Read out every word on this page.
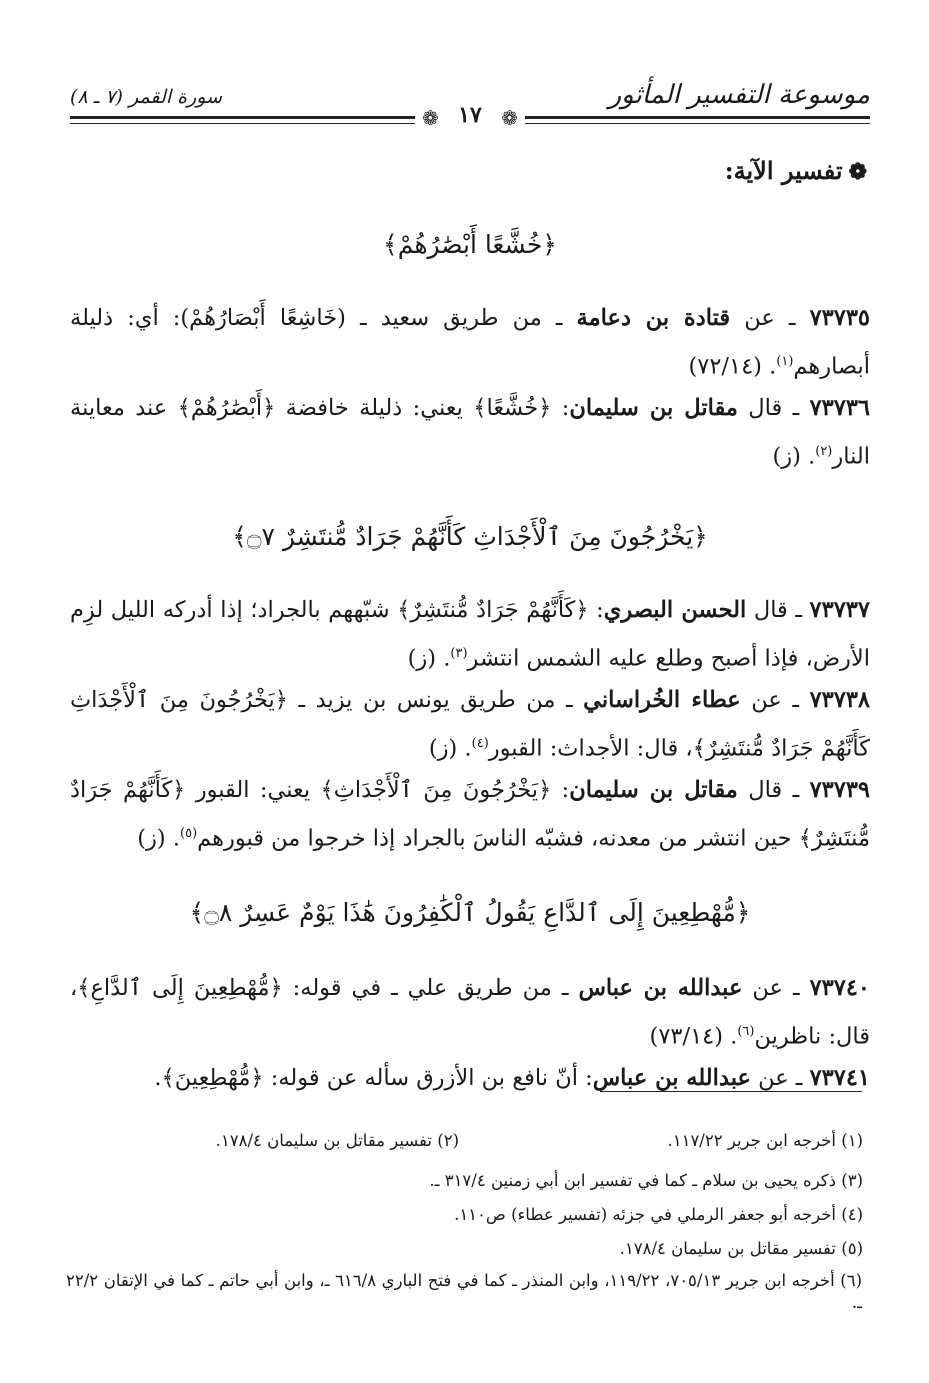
موسوعة التفسير المأثور
سورة القمر (٧ ـ ٨)
❁
❁ ١٧
❁تفسير الآية:
﴿خُشَّعًا أَبْصَٰرُهُمْ﴾
٧٣٧٣٥ ـ عن قتادة بن دعامة ـ من طريق سعيد ـ (خَاشِعًا أَبْصَارُهُمْ): أي: ذليلة أبصارهم$^{(١)}$. (٧٢/١٤)
٧٣٧٣٦ ـ قال مقاتل بن سليمان: ﴿خُشَّعًا﴾ يعني: ذليلة خافضة ﴿أَبْصَٰرُهُمْ﴾ عند معاينة النار$^{(٢)}$. (ز)
﴿يَخْرُجُونَ مِنَ ٱلْأَجْدَاثِ كَأَنَّهُمْ جَرَادٌ مُّنتَشِرٌ ۝٧﴾
٧٣٧٣٧ ـ قال الحسن البصري: ﴿كَأَنَّهُمْ جَرَادٌ مُّنتَشِرٌ﴾ شبّههم بالجراد؛ إذا أدركه الليل لزِم الأرض، فإذا أصبح وطلع عليه الشمس انتشر$^{(٣)}$. (ز)
٧٣٧٣٨ ـ عن عطاء الخُراساني ـ من طريق يونس بن يزيد ـ ﴿يَخْرُجُونَ مِنَ ٱلْأَجْدَاثِ كَأَنَّهُمْ جَرَادٌ مُّنتَشِرٌ﴾، قال: الأجداث: القبور$^{(٤)}$. (ز)
٧٣٧٣٩ ـ قال مقاتل بن سليمان: ﴿يَخْرُجُونَ مِنَ ٱلْأَجْدَاثِ﴾ يعني: القبور ﴿كَأَنَّهُمْ جَرَادٌ مُّنتَشِرٌ﴾ حين انتشر من معدنه، فشبّه الناسَ بالجراد إذا خرجوا من قبورهم$^{(٥)}$. (ز)
﴿مُّهْطِعِينَ إِلَى ٱلدَّاعِ يَقُولُ ٱلْكَٰفِرُونَ هَٰذَا يَوْمٌ عَسِرٌ ۝٨﴾
٧٣٧٤٠ ـ عن عبدالله بن عباس ـ من طريق علي ـ في قوله: ﴿مُّهْطِعِينَ إِلَى ٱلدَّاعِ﴾، قال: ناظرين$^{(٦)}$. (٧٣/١٤)
٧٣٧٤١ ـ عن عبدالله بن عباس: أنّ نافع بن الأزرق سأله عن قوله: ﴿مُّهْطِعِينَ﴾.
(١) أخرجه ابن جرير ١١٧/٢٢.
(٢) تفسير مقاتل بن سليمان ١٧٨/٤.
(٣) ذكره يحيى بن سلام ـ كما في تفسير ابن أبي زمنين ٣١٧/٤ ـ.
(٤) أخرجه أبو جعفر الرملي في جزئه (تفسير عطاء) ص١١٠.
(٥) تفسير مقاتل بن سليمان ١٧٨/٤.
(٦) أخرجه ابن جرير ٧٠٥/١٣، ١١٩/٢٢، وابن المنذر ـ كما في فتح الباري ٦١٦/٨ ـ، وابن أبي حاتم ـ كما في الإتقان ٢٢/٢ ـ.
